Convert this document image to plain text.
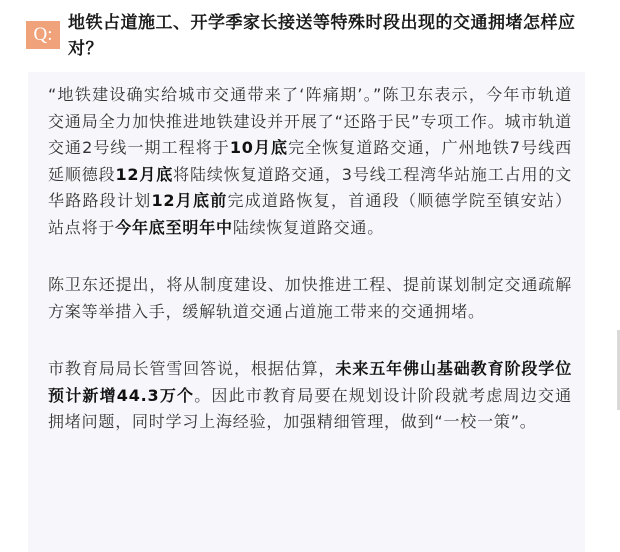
Q:
地铁占道施工、开学季家长接送等特殊时段出现的交通拥堵怎样应对？

“地铁建设确实给城市交通带来了‘阵痛期’。”陈卫东表示，今年市轨道交通局全力加快推进地铁建设并开展了“还路于民”专项工作。城市轨道交通2号线一期工程将于10月底完全恢复道路交通，广州地铁7号线西延顺德段12月底将陆续恢复道路交通，3号线工程湾华站施工占用的文华路路段计划12月底前完成道路恢复，首通段（顺德学院至镇安站）站点将于今年底至明年中陆续恢复道路交通。

陈卫东还提出，将从制度建设、加快推进工程、提前谋划制定交通疏解方案等举措入手，缓解轨道交通占道施工带来的交通拥堵。

市教育局局长管雪回答说，根据估算，未来五年佛山基础教育阶段学位预计新增44.3万个。因此市教育局要在规划设计阶段就考虑周边交通拥堵问题，同时学习上海经验，加强精细管理，做到“一校一策”。
